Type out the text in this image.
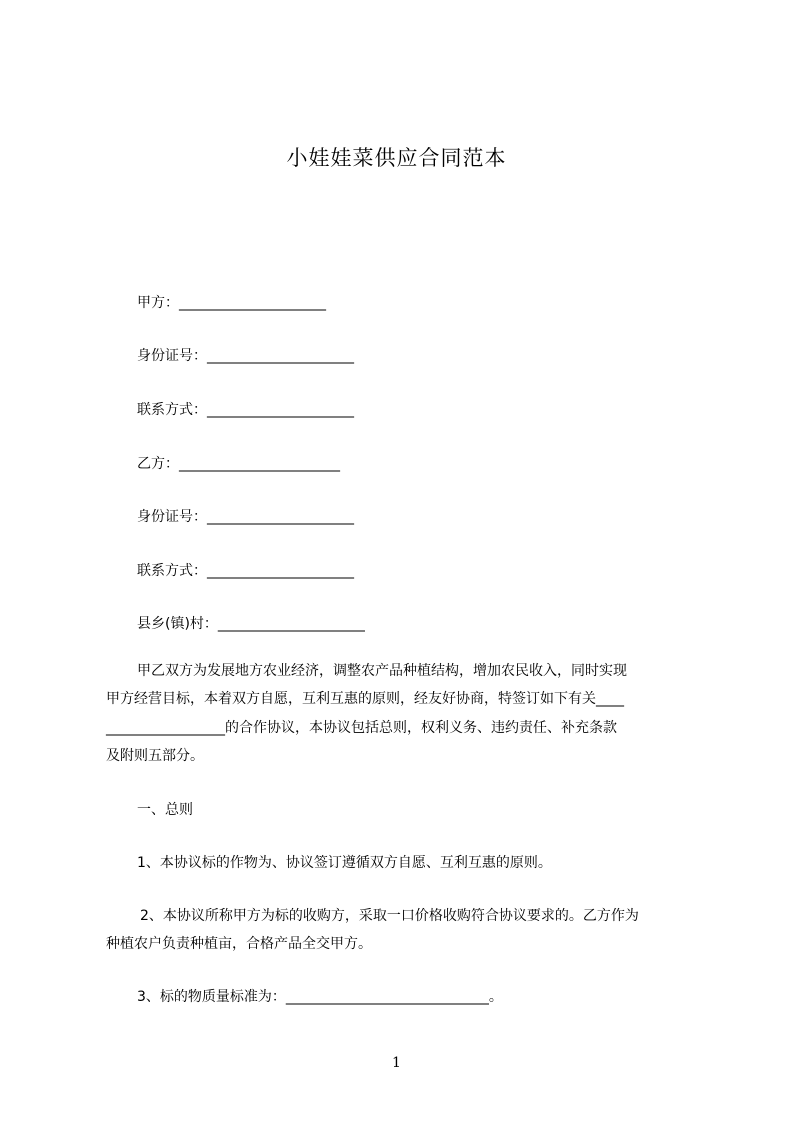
小娃娃菜供应合同范本
甲方：_____________________
身份证号：_____________________
联系方式：_____________________
乙方：_______________________
身份证号：_____________________
联系方式：_____________________
县乡(镇)村：_____________________
甲乙双方为发展地方农业经济，调整农产品种植结构，增加农民收入，同时实现
甲方经营目标，本着双方自愿，互利互惠的原则，经友好协商，特签订如下有关____
_________________的合作协议，本协议包括总则，权利义务、违约责任、补充条款
及附则五部分。
一、总则
1、本协议标的作物为、协议签订遵循双方自愿、互利互惠的原则。
2、本协议所称甲方为标的收购方，采取一口价格收购符合协议要求的。乙方作为
种植农户负责种植亩，合格产品全交甲方。
3、标的物质量标准为：_____________________________。
1
